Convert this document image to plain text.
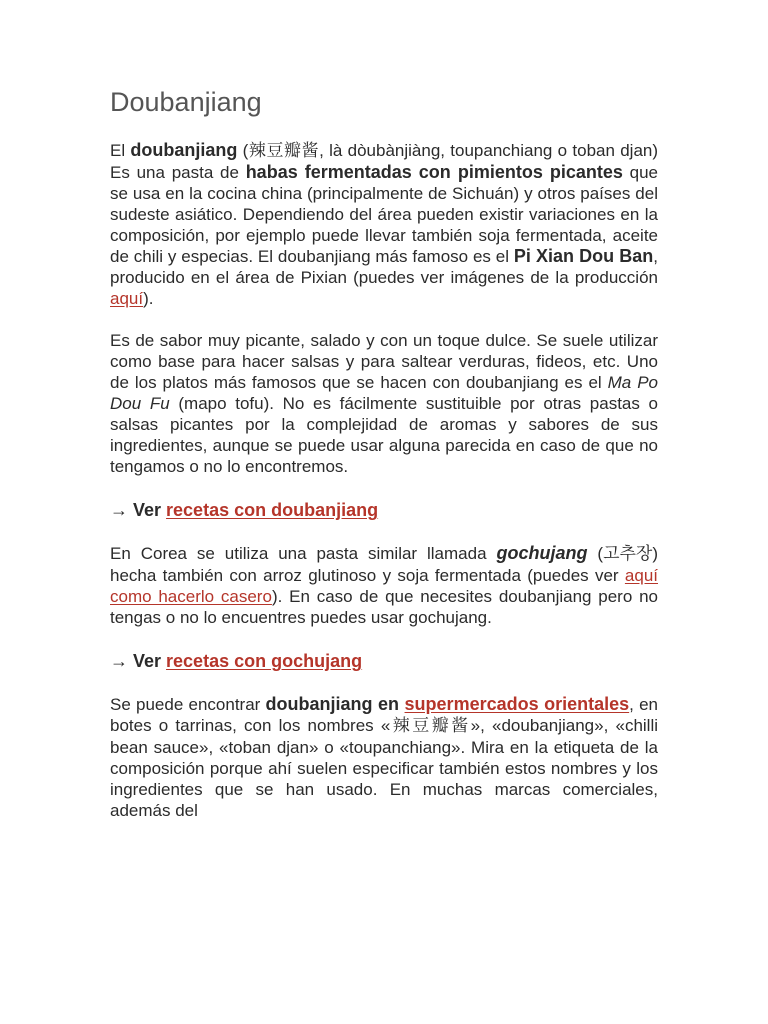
Doubanjiang

El doubanjiang (辣豆瓣酱, là dòubànjiàng, toupanchiang o toban djan) Es una pasta de habas fermentadas con pimientos picantes que se usa en la cocina china (principalmente de Sichuán) y otros países del sudeste asiático. Dependiendo del área pueden existir variaciones en la composición, por ejemplo puede llevar también soja fermentada, aceite de chili y especias. El doubanjiang más famoso es el Pi Xian Dou Ban, producido en el área de Pixian (puedes ver imágenes de la producción aquí).

Es de sabor muy picante, salado y con un toque dulce. Se suele utilizar como base para hacer salsas y para saltear verduras, fideos, etc. Uno de los platos más famosos que se hacen con doubanjiang es el Ma Po Dou Fu (mapo tofu). No es fácilmente sustituible por otras pastas o salsas picantes por la complejidad de aromas y sabores de sus ingredientes, aunque se puede usar alguna parecida en caso de que no tengamos o no lo encontremos.

→ Ver recetas con doubanjiang

En Corea se utiliza una pasta similar llamada gochujang (고추장) hecha también con arroz glutinoso y soja fermentada (puedes ver aquí como hacerlo casero). En caso de que necesites doubanjiang pero no tengas o no lo encuentres puedes usar gochujang.

→ Ver recetas con gochujang

Se puede encontrar doubanjiang en supermercados orientales, en botes o tarrinas, con los nombres «辣豆瓣酱», «doubanjiang», «chilli bean sauce», «toban djan» o «toupanchiang». Mira en la etiqueta de la composición porque ahí suelen especificar también estos nombres y los ingredientes que se han usado. En muchas marcas comerciales, además del
